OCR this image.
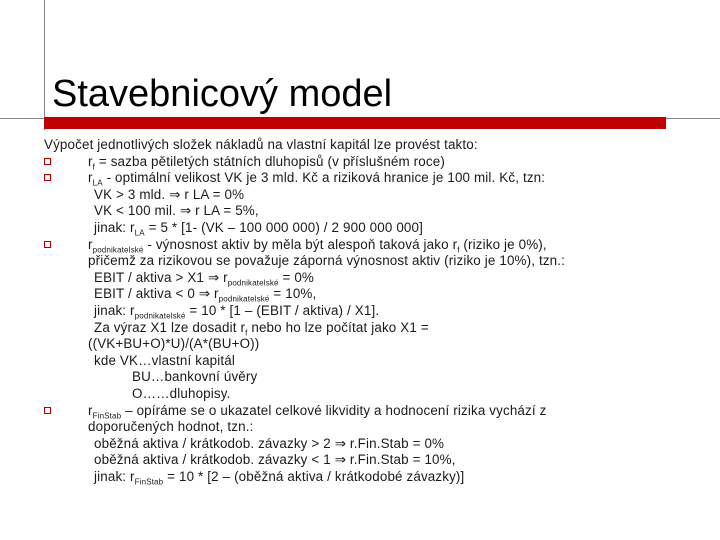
Stavebnicový model
Výpočet jednotlivých složek nákladů na vlastní kapitál lze provést takto:
$r_f$ = sazba pětiletých státních dluhopisů (v příslušném roce)
$r_{LA}$ - optimální velikost VK je 3 mld. Kč a riziková hranice je 100 mil. Kč, tzn:
VK > 3 mld. ⇒ r LA = 0%
VK < 100 mil. ⇒ r LA = 5%,
jinak: $r_{LA} = 5 * [1-$ (VK – 100 000 000) / 2 900 000 000]
$r_{podnikatelské}$ - výnosnost aktiv by měla být alespoň taková jako $r_f$ (riziko je 0%),
přičemž za rizikovou se považuje záporná výnosnost aktiv (riziko je 10%), tzn.:
EBIT / aktiva > X1 ⇒ $r_{podnikatelské} = 0\%$
EBIT / aktiva < 0 ⇒ $r_{podnikatelské} = 10\%$,
jinak: $r_{podnikatelské} = 10 * [1$ – (EBIT / aktiva) / X1].
Za výraz X1 lze dosadit $r_f$ nebo ho lze počítat jako X1 =
((VK+BU+O)*U)/(A*(BU+O))
kde VK…vlastní kapitál
BU…bankovní úvěry
O……dluhopisy.
$r_{FinStab}$ – opíráme se o ukazatel celkové likvidity a hodnocení rizika vychází z
doporučených hodnot, tzn.:
oběžná aktiva / krátkodob. závazky > 2 ⇒ r.Fin.Stab = 0%
oběžná aktiva / krátkodob. závazky < 1 ⇒ r.Fin.Stab = 10%,
jinak: $r_{FinStab} = 10 * [2$ – (oběžná aktiva / krátkodobé závazky)]
